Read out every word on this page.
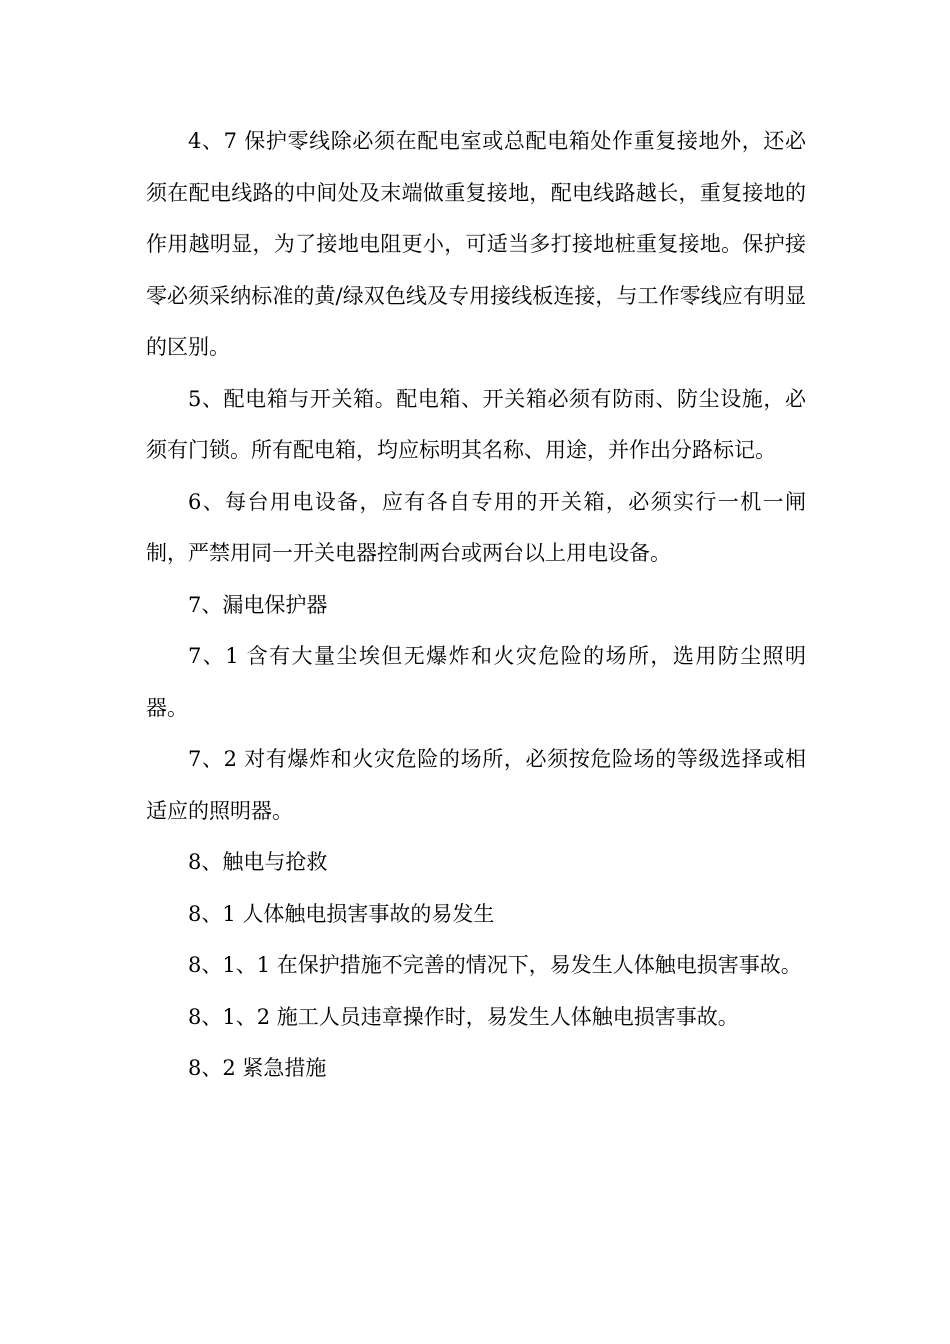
4、7 保护零线除必须在配电室或总配电箱处作重复接地外，还必须在配电线路的中间处及末端做重复接地，配电线路越长，重复接地的作用越明显，为了接地电阻更小，可适当多打接地桩重复接地。保护接零必须采纳标准的黄/绿双色线及专用接线板连接，与工作零线应有明显的区别。

5、配电箱与开关箱。配电箱、开关箱必须有防雨、防尘设施，必须有门锁。所有配电箱，均应标明其名称、用途，并作出分路标记。

6、每台用电设备，应有各自专用的开关箱，必须实行一机一闸制，严禁用同一开关电器控制两台或两台以上用电设备。

7、漏电保护器

7、1 含有大量尘埃但无爆炸和火灾危险的场所，选用防尘照明器。

7、2 对有爆炸和火灾危险的场所，必须按危险场的等级选择或相适应的照明器。

8、触电与抢救

8、1 人体触电损害事故的易发生

8、1、1 在保护措施不完善的情况下，易发生人体触电损害事故。

8、1、2 施工人员违章操作时，易发生人体触电损害事故。

8、2 紧急措施
